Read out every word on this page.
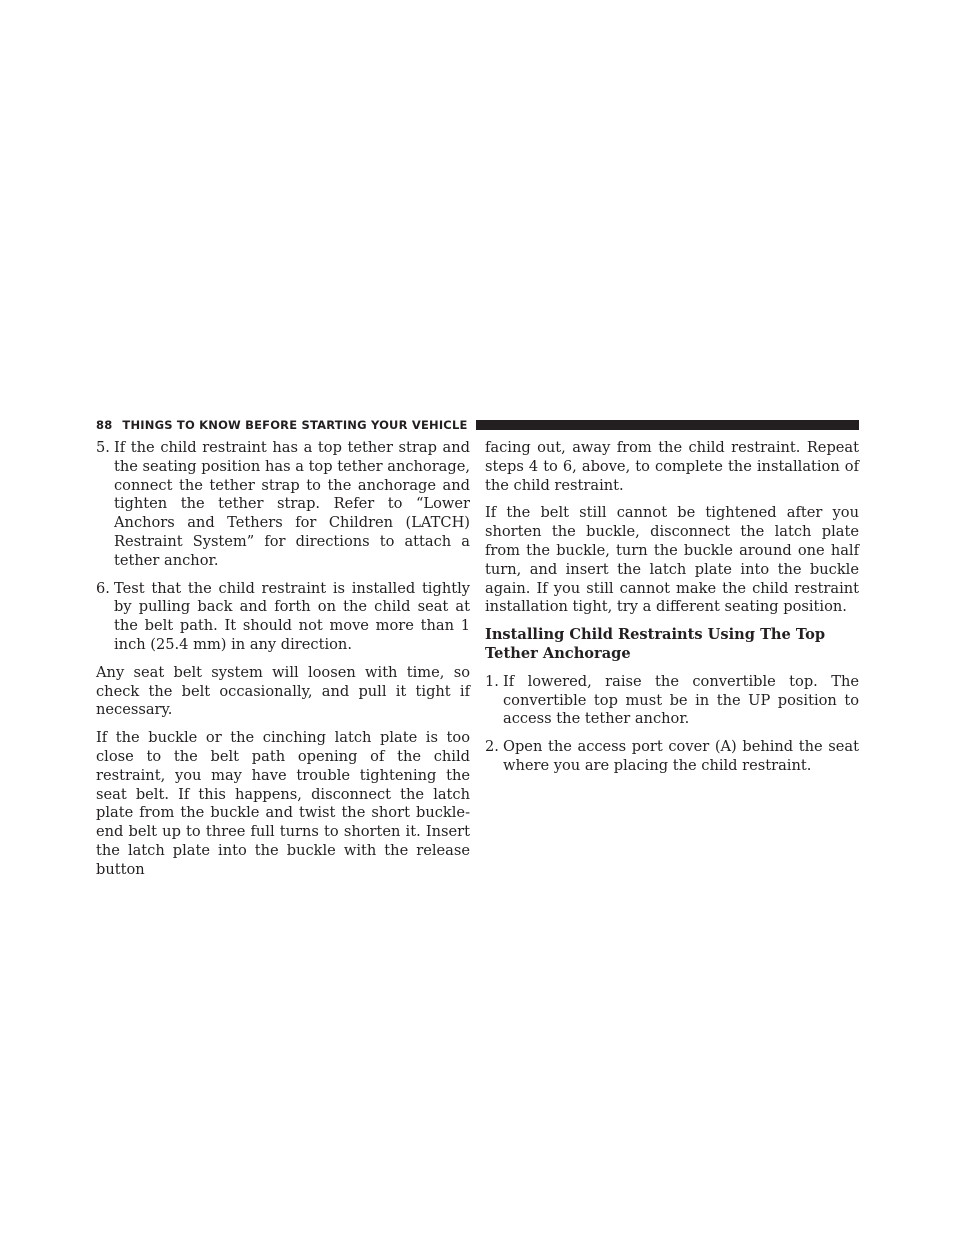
88 THINGS TO KNOW BEFORE STARTING YOUR VEHICLE
5. If the child restraint has a top tether strap and the seating position has a top tether anchorage, connect the tether strap to the anchorage and tighten the tether strap. Refer to “Lower Anchors and Tethers for Children (LATCH) Restraint System” for directions to attach a tether anchor.
6. Test that the child restraint is installed tightly by pulling back and forth on the child seat at the belt path. It should not move more than 1 inch (25.4 mm) in any direction.

Any seat belt system will loosen with time, so check the belt occasionally, and pull it tight if necessary.

If the buckle or the cinching latch plate is too close to the belt path opening of the child restraint, you may have trouble tightening the seat belt. If this happens, disconnect the latch plate from the buckle and twist the short buckle-end belt up to three full turns to shorten it. Insert the latch plate into the buckle with the release button

facing out, away from the child restraint. Repeat steps 4 to 6, above, to complete the installation of the child restraint.

If the belt still cannot be tightened after you shorten the buckle, disconnect the latch plate from the buckle, turn the buckle around one half turn, and insert the latch plate into the buckle again. If you still cannot make the child restraint installation tight, try a different seating position.

Installing Child Restraints Using The Top Tether Anchorage
1. If lowered, raise the convertible top. The convertible top must be in the UP position to access the tether anchor.
2. Open the access port cover (A) behind the seat where you are placing the child restraint.
